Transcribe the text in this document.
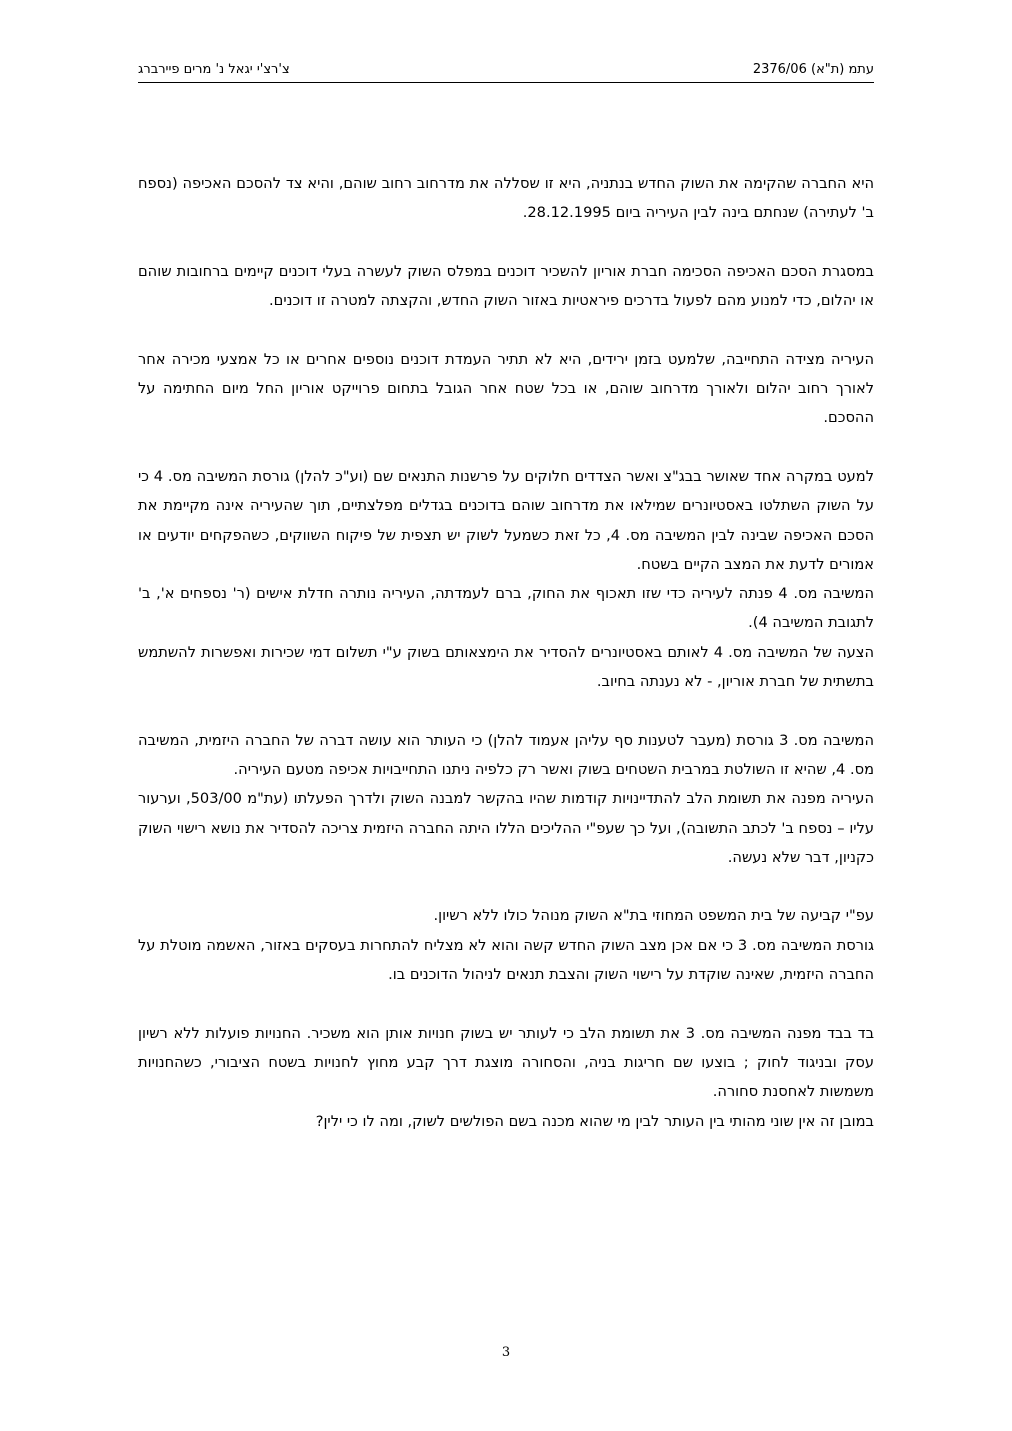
צ'רצ'י יגאל נ' מרים פיירברג	עתמ (ת"א) 2376/06

היא החברה שהקימה את השוק החדש בנתניה, היא זו שסללה את מדרחוב רחוב שוהם, והיא צד להסכם האכיפה (נספח ב' לעתירה) שנחתם בינה לבין העיריה ביום 28.12.1995.

במסגרת הסכם האכיפה הסכימה חברת אוריון להשכיר דוכנים במפלס השוק לעשרה בעלי דוכנים קיימים ברחובות שוהם או יהלום, כדי למנוע מהם לפעול בדרכים פיראטיות באזור השוק החדש, והקצתה למטרה זו דוכנים.

העיריה מצידה התחייבה, שלמעט בזמן ירידים, היא לא תתיר העמדת דוכנים נוספים אחרים או כל אמצעי מכירה אחר לאורך רחוב יהלום ולאורך מדרחוב שוהם, או בכל שטח אחר הגובל בתחום פרוייקט אוריון החל מיום החתימה על ההסכם.

למעט במקרה אחד שאושר בבג"צ ואשר הצדדים חלוקים על פרשנות התנאים שם (וע"כ להלן) גורסת המשיבה מס. 4 כי על השוק השתלטו באסטיונרים שמילאו את מדרחוב שוהם בדוכנים בגדלים מפלצתיים, תוך שהעיריה אינה מקיימת את הסכם האכיפה שבינה לבין המשיבה מס. 4, כל זאת כשמעל לשוק יש תצפית של פיקוח השווקים, כשהפקחים יודעים או אמורים לדעת את המצב הקיים בשטח.

המשיבה מס. 4 פנתה לעיריה כדי שזו תאכוף את החוק, ברם לעמדתה, העיריה נותרה חדלת אישים (ר' נספחים א', ב' לתגובת המשיבה 4).

הצעה של המשיבה מס. 4 לאותם באסטיונרים להסדיר את הימצאותם בשוק ע"י תשלום דמי שכירות ואפשרות להשתמש בתשתית של חברת אוריון, - לא נענתה בחיוב.

המשיבה מס. 3 גורסת (מעבר לטענות סף עליהן אעמוד להלן) כי העותר הוא עושה דברה של החברה היזמית, המשיבה מס. 4, שהיא זו השולטת במרבית השטחים בשוק ואשר רק כלפיה ניתנו התחייבויות אכיפה מטעם העיריה.

העיריה מפנה את תשומת הלב להתדיינויות קודמות שהיו בהקשר למבנה השוק ולדרך הפעלתו (עת"מ 503/00, וערעור עליו – נספח ב' לכתב התשובה), ועל כך שעפ"י ההליכים הללו היתה החברה היזמית צריכה להסדיר את נושא רישוי השוק כקניון, דבר שלא נעשה.

עפ"י קביעה של בית המשפט המחוזי בת"א השוק מנוהל כולו ללא רשיון.

גורסת המשיבה מס. 3 כי אם אכן מצב השוק החדש קשה והוא לא מצליח להתחרות בעסקים באזור, האשמה מוטלת על החברה היזמית, שאינה שוקדת על רישוי השוק והצבת תנאים לניהול הדוכנים בו.

בד בבד מפנה המשיבה מס. 3 את תשומת הלב כי לעותר יש בשוק חנויות אותן הוא משכיר. החנויות פועלות ללא רשיון עסק ובניגוד לחוק ; בוצעו שם חריגות בניה, והסחורה מוצגת דרך קבע מחוץ לחנויות בשטח הציבורי, כשהחנויות משמשות לאחסנת סחורה.

במובן זה אין שוני מהותי בין העותר לבין מי שהוא מכנה בשם הפולשים לשוק, ומה לו כי ילין?

3
